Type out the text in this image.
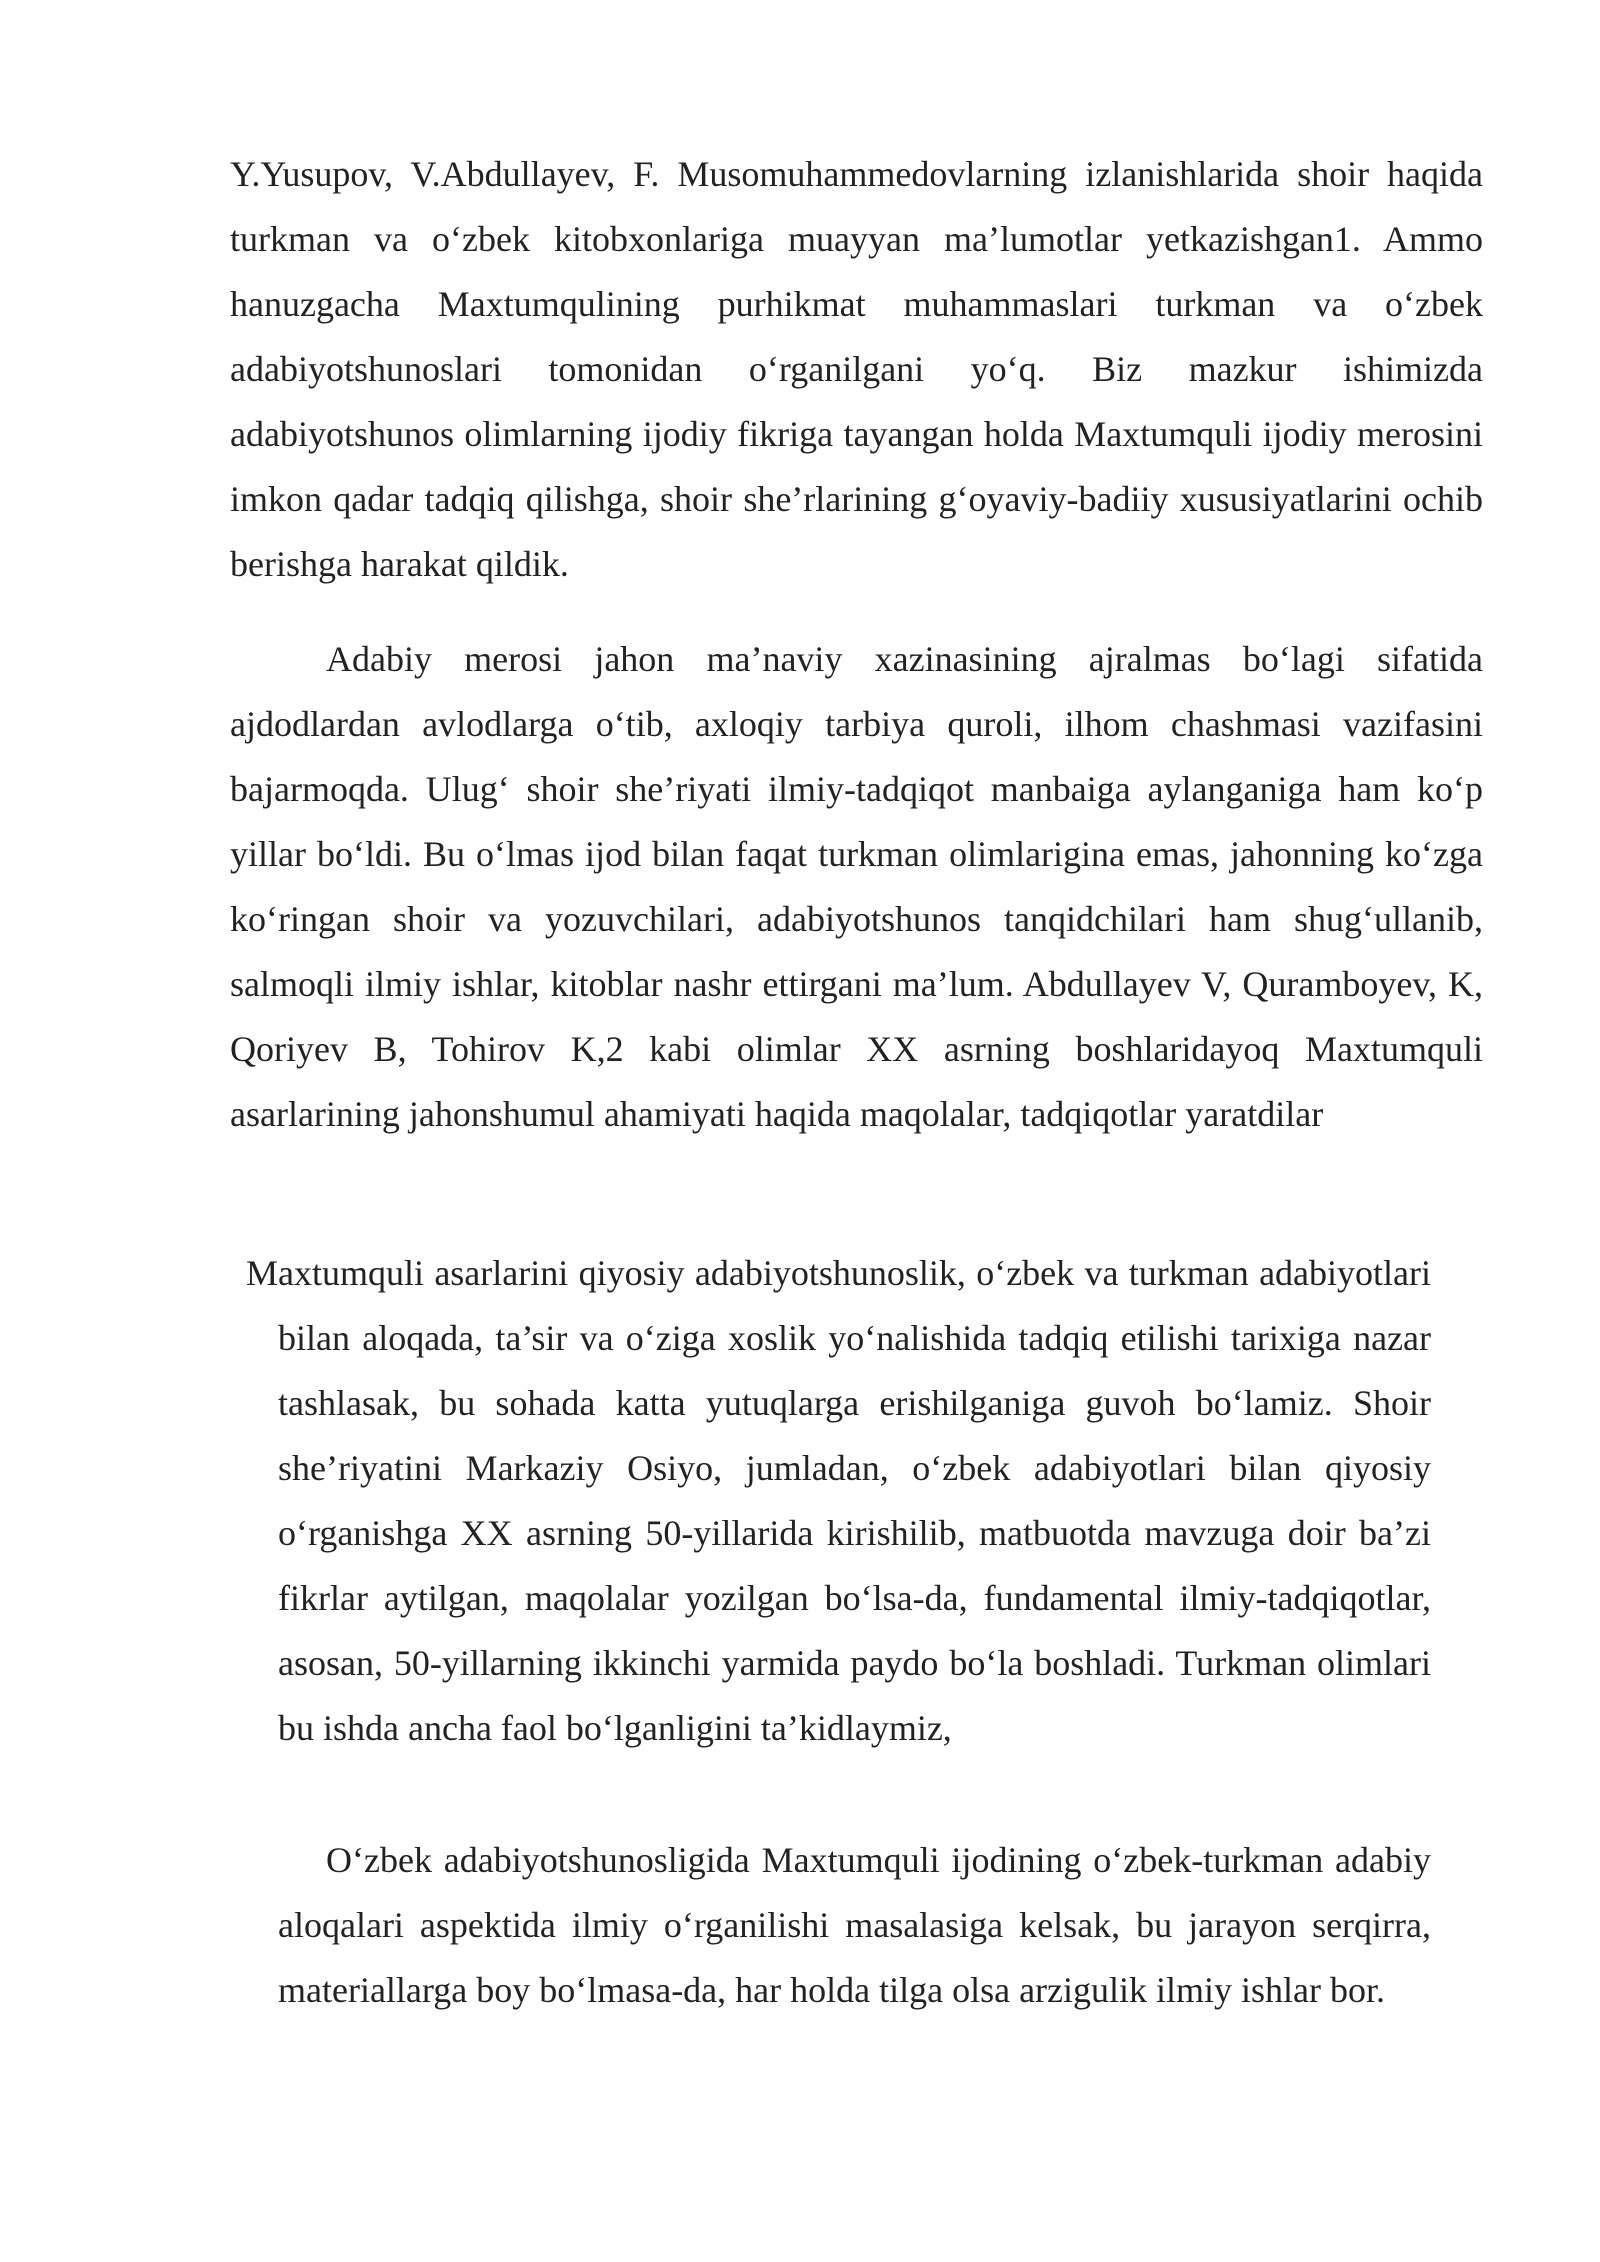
Y.Yusupov, V.Abdullayev, F. Musomuhammedovlarning izlanishlarida shoir haqida turkman va o‘zbek kitobxonlariga muayyan ma’lumotlar yetkazishgan1. Ammo hanuzgacha Maxtumqulining purhikmat muhammaslari turkman va o‘zbek adabiyotshunoslari tomonidan o‘rganilgani yo‘q. Biz mazkur ishimizda adabiyotshunos olimlarning ijodiy fikriga tayangan holda Maxtumquli ijodiy merosini imkon qadar tadqiq qilishga, shoir she’rlarining g‘oyaviy-badiiy xususiyatlarini ochib berishga harakat qildik.

Adabiy merosi jahon ma’naviy xazinasining ajralmas bo‘lagi sifatida ajdodlardan avlodlarga o‘tib, axloqiy tarbiya quroli, ilhom chashmasi vazifasini bajarmoqda. Ulug‘ shoir she’riyati ilmiy-tadqiqot manbaiga aylanganiga ham ko‘p yillar bo‘ldi. Bu o‘lmas ijod bilan faqat turkman olimlarigina emas, jahonning ko‘zga ko‘ringan shoir va yozuvchilari, adabiyotshunos tanqidchilari ham shug‘ullanib, salmoqli ilmiy ishlar, kitoblar nashr ettirgani ma’lum. Abdullayev V, Quramboyev, K, Qoriyev B, Tohirov K,2 kabi olimlar XX asrning boshlaridayoq Maxtumquli asarlarining jahonshumul ahamiyati haqida maqolalar, tadqiqotlar yaratdilar

Maxtumquli asarlarini qiyosiy adabiyotshunoslik, o‘zbek va turkman adabiyotlari bilan aloqada, ta’sir va o‘ziga xoslik yo‘nalishida tadqiq etilishi tarixiga nazar tashlasak, bu sohada katta yutuqlarga erishilganiga guvoh bo‘lamiz. Shoir she’riyatini Markaziy Osiyo, jumladan, o‘zbek adabiyotlari bilan qiyosiy o‘rganishga XX asrning 50-yillarida kirishilib, matbuotda mavzuga doir ba’zi fikrlar aytilgan, maqolalar yozilgan bo‘lsa-da, fundamental ilmiy-tadqiqotlar, asosan, 50-yillarning ikkinchi yarmida paydo bo‘la boshladi. Turkman olimlari bu ishda ancha faol bo‘lganligini ta’kidlaymiz,

O‘zbek adabiyotshunosligida Maxtumquli ijodining o‘zbek-turkman adabiy aloqalari aspektida ilmiy o‘rganilishi masalasiga kelsak, bu jarayon serqirra, materiallarga boy bo‘lmasa-da, har holda tilga olsa arzigulik ilmiy ishlar bor.
